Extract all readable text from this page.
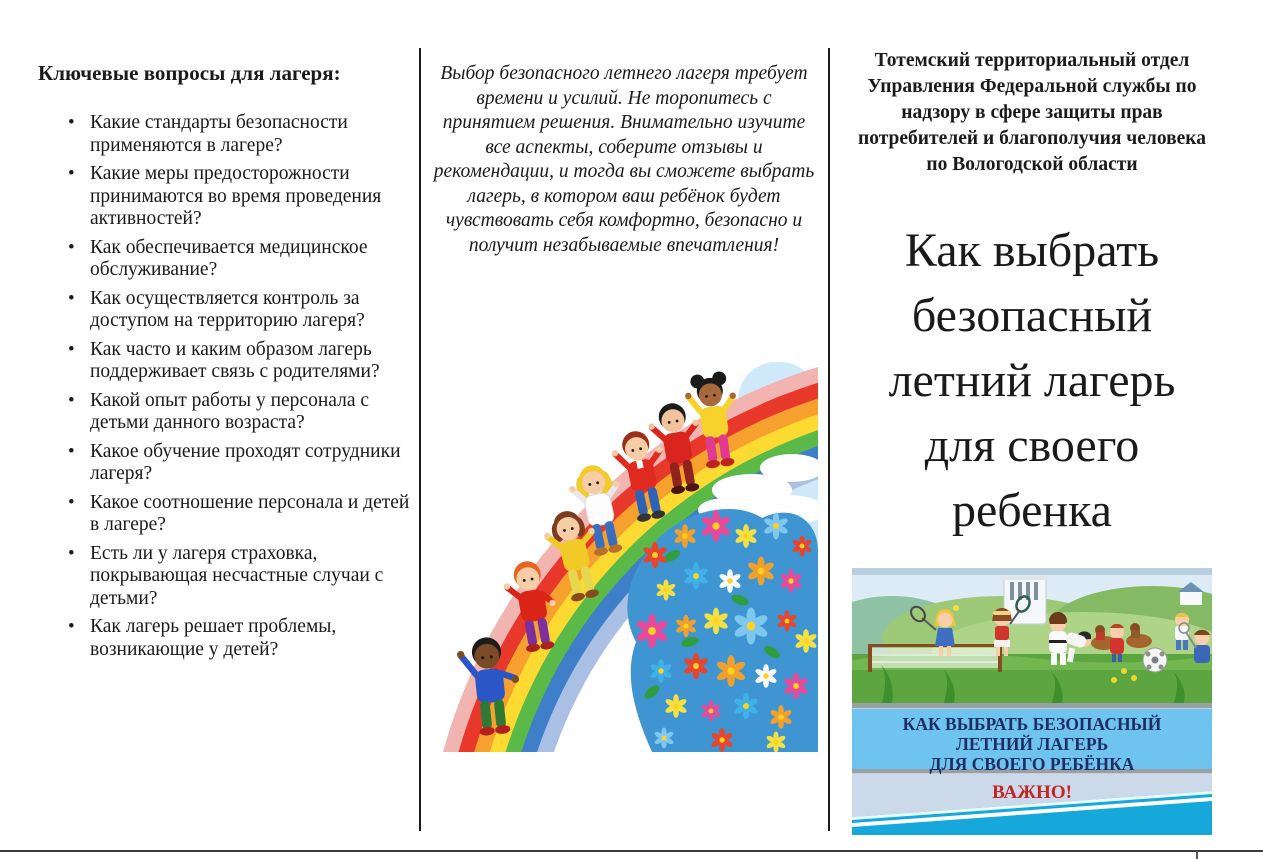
Ключевые вопросы для лагеря:
• Какие стандарты безопасности применяются в лагере?
• Какие меры предосторожности принимаются во время проведения активностей?
• Как обеспечивается медицинское обслуживание?
• Как осуществляется контроль за доступом на территорию лагеря?
• Как часто и каким образом лагерь поддерживает связь с родителями?
• Какой опыт работы у персонала с детьми данного возраста?
• Какое обучение проходят сотрудники лагеря?
• Какое соотношение персонала и детей в лагере?
• Есть ли у лагеря страховка, покрывающая несчастные случаи с детьми?
• Как лагерь решает проблемы, возникающие у детей?

Выбор безопасного летнего лагеря требует времени и усилий. Не торопитесь с принятием решения. Внимательно изучите все аспекты, соберите отзывы и рекомендации, и тогда вы сможете выбрать лагерь, в котором ваш ребёнок будет чувствовать себя комфортно, безопасно и получит незабываемые впечатления!

Тотемский территориальный отдел Управления Федеральной службы по надзору в сфере защиты прав потребителей и благополучия человека по Вологодской области
Как выбрать
безопасный
летний лагерь
для своего
ребенка
КАК ВЫБРАТЬ БЕЗОПАСНЫЙ
ЛЕТНИЙ ЛАГЕРЬ
ДЛЯ СВОЕГО РЕБЁНКА
ВАЖНО!
